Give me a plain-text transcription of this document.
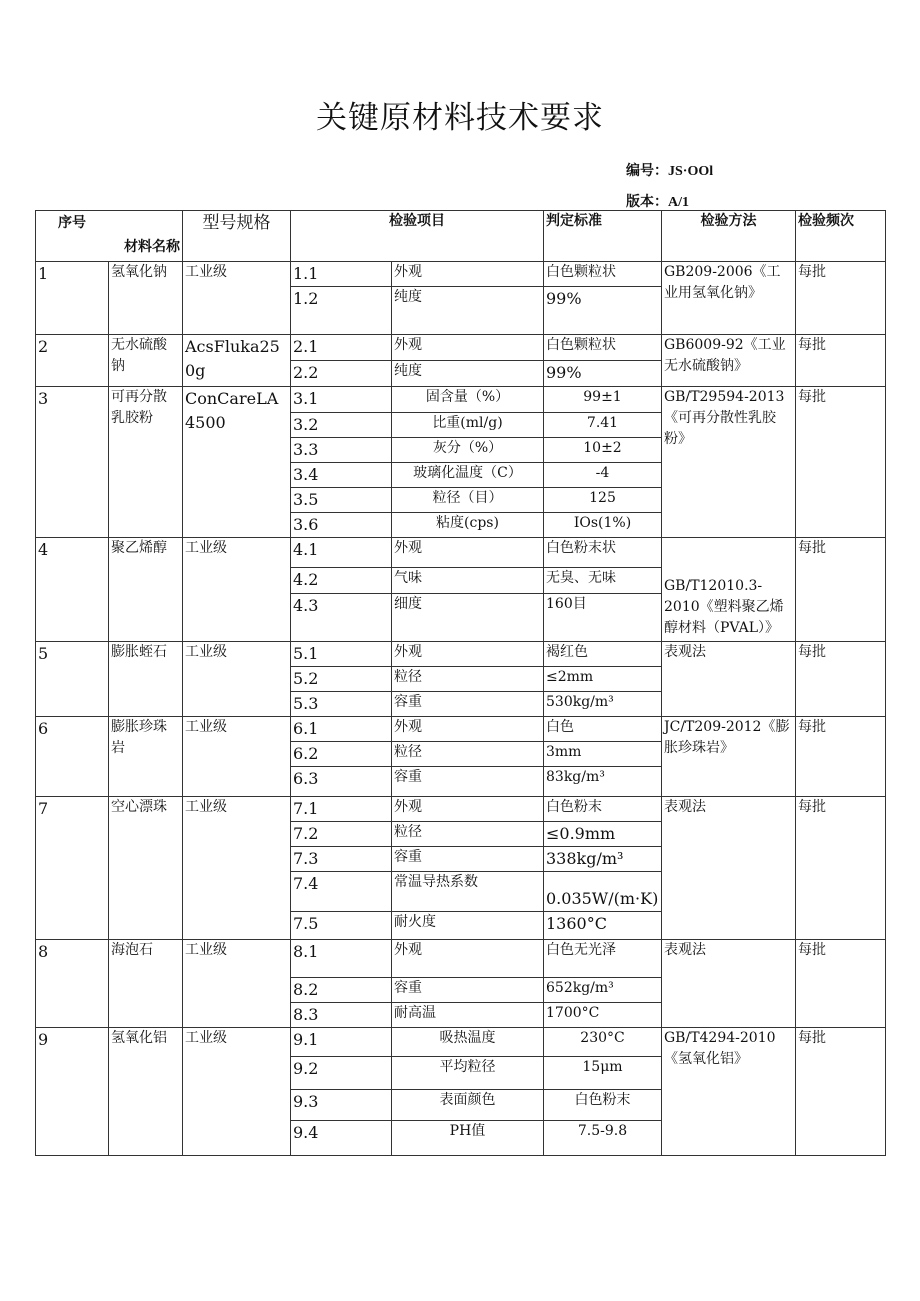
关键原材料技术要求
编号：JS·OOl
版本：A/1
序号
材料名称		型号规格	检验项目		判定标准	检验方法	检验频次
1	氢氧化钠	工业级	1.1	外观	白色颗粒状	GB209-2006《工业用氢氧化钠》	每批
			1.2	纯度	99%		
2	无水硫酸钠	AcsFluka250g	2.1	外观	白色颗粒状	GB6009-92《工业无水硫酸钠》	每批
			2.2	纯度	99%		
3	可再分散乳胶粉	ConCareLA4500	3.1	固含量（%）	99±1	GB/T29594-2013《可再分散性乳胶粉》	每批
			3.2	比重(ml/g)	7.41		
			3.3	灰分（%）	10±2		
			3.4	玻璃化温度（C）	-4		
			3.5	粒径（目）	125		
			3.6	粘度(cps)	IOs(1%)		
4	聚乙烯醇	工业级	4.1	外观	白色粉末状	GB/T12010.3-2010《塑料聚乙烯醇材料（PVAL）》	每批
			4.2	气味	无臭、无味		
			4.3	细度	160目		
5	膨胀蛭石	工业级	5.1	外观	褐红色	表观法	每批
			5.2	粒径	≤2mm		
			5.3	容重	530kg/m³		
6	膨胀珍珠岩	工业级	6.1	外观	白色	JC/T209-2012《膨胀珍珠岩》	每批
			6.2	粒径	3mm		
			6.3	容重	83kg/m³		
7	空心漂珠	工业级	7.1	外观	白色粉末	表观法	每批
			7.2	粒径	≤0.9mm		
			7.3	容重	338kg/m³		
			7.4	常温导热系数	0.035W/(m·K)		
			7.5	耐火度	1360°C		
8	海泡石	工业级	8.1	外观	白色无光泽	表观法	每批
			8.2	容重	652kg/m³		
			8.3	耐高温	1700°C		
9	氢氧化铝	工业级	9.1	吸热温度	230°C	GB/T4294-2010《氢氧化铝》	每批
			9.2	平均粒径	15μm		
			9.3	表面颜色	白色粉末		
			9.4	PH值	7.5-9.8		
